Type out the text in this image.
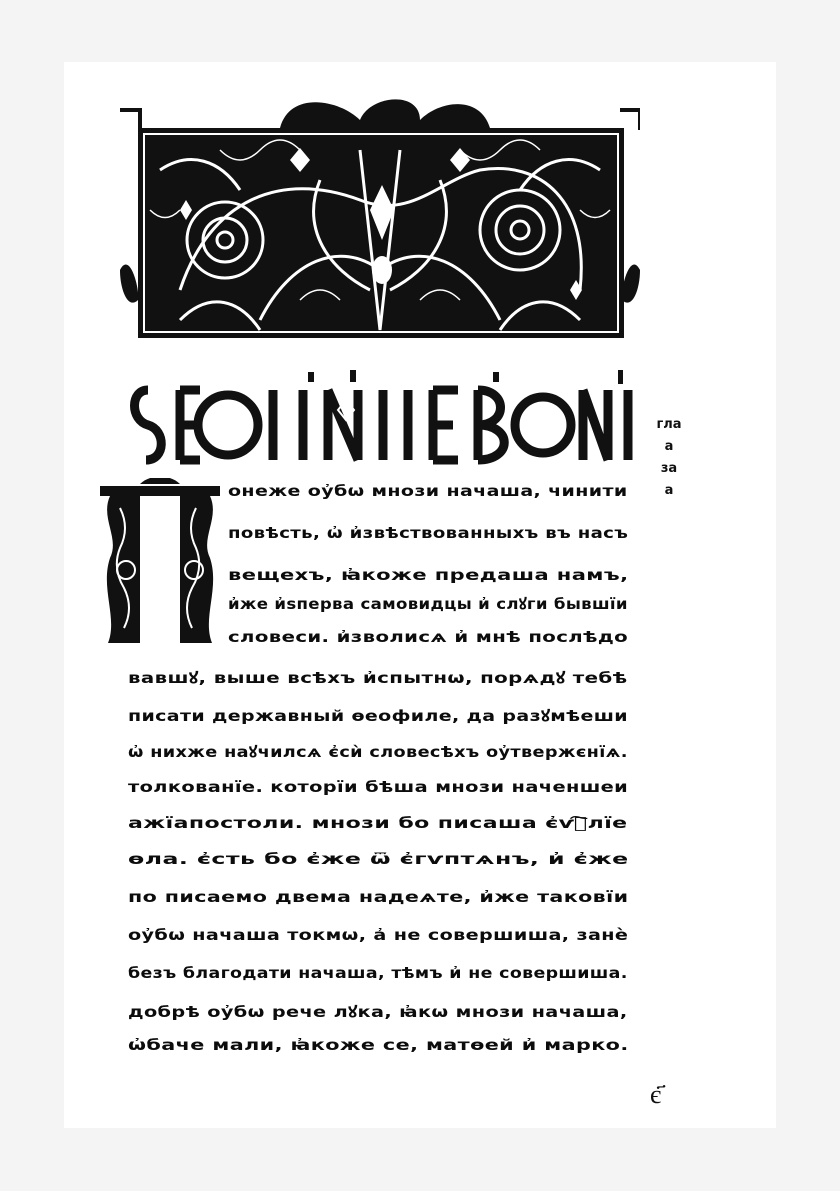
гла
а
за
а
онеже оу҆бѡ мнози начаша, чинити
повѣсть, ѡ҆ и҆звѣствованныхъ въ насъ
вещехъ, ꙗ҆коже предаша намъ,
и҆же и҆ѕпeрва самовидцы и҆ слꙋги бывшїи
словеси. и҆зволисѧ и҆ мнѣ послѣдо
вавшꙋ, выше всѣхъ и҆спытнѡ, порѧдꙋ тебѣ
писати державный ѳеофиле, да разꙋмѣеши
ѡ҆ нихже наꙋчилсѧ є҆сѝ словесѣхъ оу҆твержєнїѧ.
толкованїе. которїи бѣша мнози начeншеи
ажїапостоли. мнози бо писаша є҆ѵⷢ҇лїе
ѳла. є҆сть бо є҆же ѿ є҆гѵптѧнъ, и҆ є҆же
по писаемо двема надеѧте, и҆же таковїи
оу҆бѡ начаша токмѡ, а҆ не совершиша, занѐ
безъ благодати начаша, тѣмъ и҆ не совершиша.
добрѣ оу҆бѡ рече лꙋка, ꙗ҆кѡ мнози начаша,
ѡ҆бачe мали, ꙗ҆коже се, матѳей и҆ марко.
є҃
